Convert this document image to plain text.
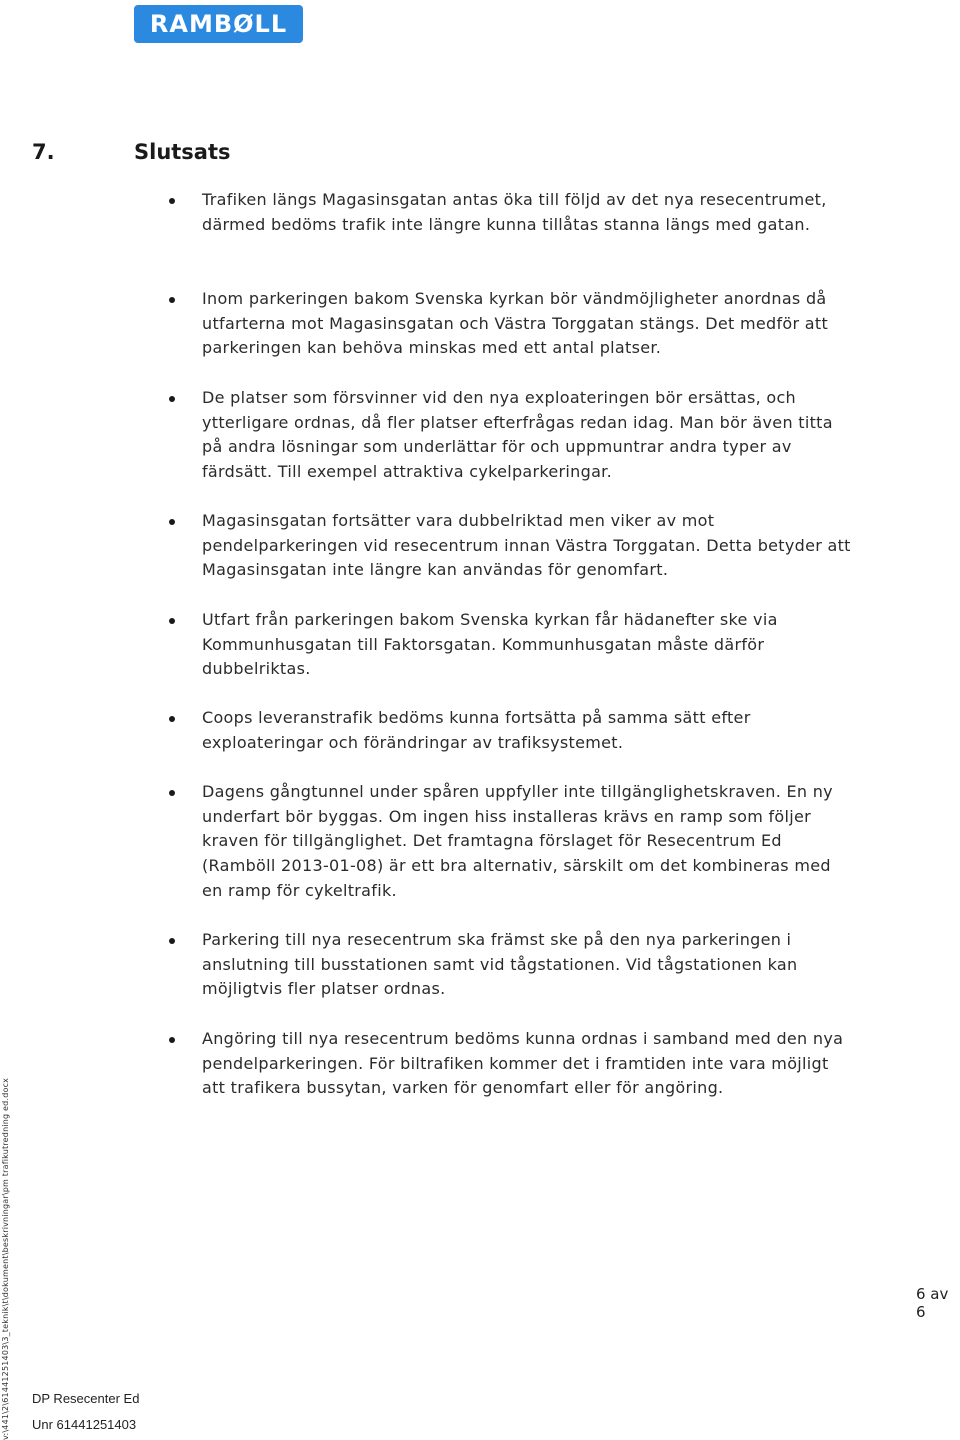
RAMBØLL
7.	Slutsats
Trafiken längs Magasinsgatan antas öka till följd av det nya resecentrumet, därmed bedöms trafik inte längre kunna tillåtas stanna längs med gatan.
Inom parkeringen bakom Svenska kyrkan bör vändmöjligheter anordnas då utfarterna mot Magasinsgatan och Västra Torggatan stängs. Det medför att parkeringen kan behöva minskas med ett antal platser.
De platser som försvinner vid den nya exploateringen bör ersättas, och ytterligare ordnas, då fler platser efterfrågas redan idag. Man bör även titta på andra lösningar som underlättar för och uppmuntrar andra typer av färdsätt. Till exempel attraktiva cykelparkeringar.
Magasinsgatan fortsätter vara dubbelriktad men viker av mot pendelparkeringen vid resecentrum innan Västra Torggatan. Detta betyder att Magasinsgatan inte längre kan användas för genomfart.
Utfart från parkeringen bakom Svenska kyrkan får hädanefter ske via Kommunhusgatan till Faktorsgatan. Kommunhusgatan måste därför dubbelriktas.
Coops leveranstrafik bedöms kunna fortsätta på samma sätt efter exploateringar och förändringar av trafiksystemet.
Dagens gångtunnel under spåren uppfyller inte tillgänglighetskraven. En ny underfart bör byggas. Om ingen hiss installeras krävs en ramp som följer kraven för tillgänglighet. Det framtagna förslaget för Resecentrum Ed (Ramböll 2013-01-08) är ett bra alternativ, särskilt om det kombineras med en ramp för cykeltrafik.
Parkering till nya resecentrum ska främst ske på den nya parkeringen i anslutning till busstationen samt vid tågstationen. Vid tågstationen kan möjligtvis fler platser ordnas.
Angöring till nya resecentrum bedöms kunna ordnas i samband med den nya pendelparkeringen. För biltrafiken kommer det i framtiden inte vara möjligt att trafikera bussytan, varken för genomfart eller för angöring.
v:\441\2\61441251403\3_teknik\t\dokument\beskrivningar\pm trafikutredning ed.docx	6 av 6
DP Resecenter Ed
Unr 61441251403
